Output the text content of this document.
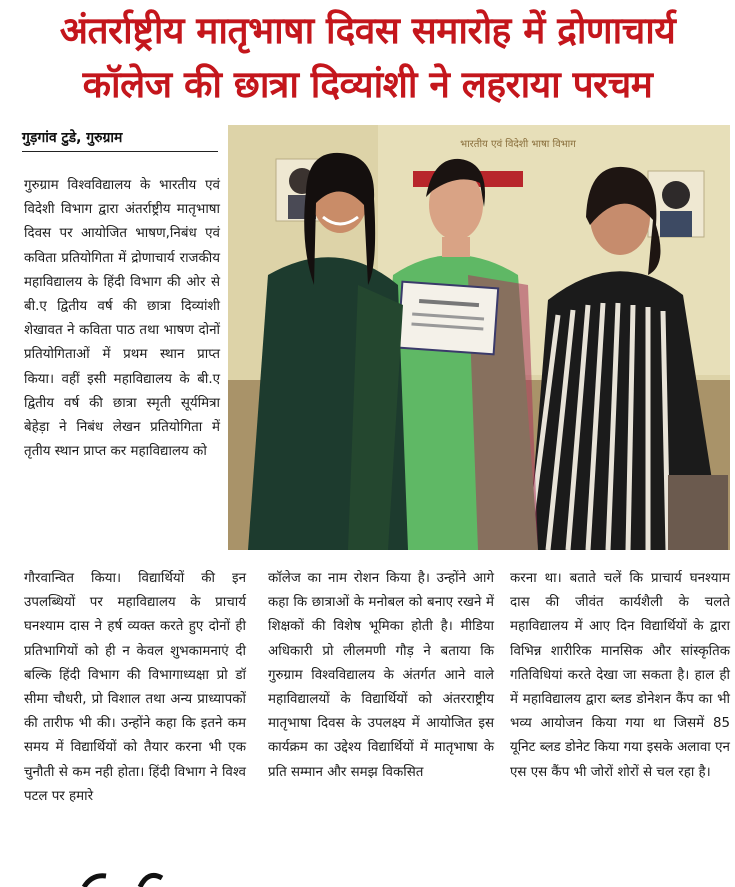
अंतर्राष्ट्रीय मातृभाषा दिवस समारोह में द्रोणाचार्य
कॉलेज की छात्रा दिव्यांशी ने लहराया परचम
गुड़गांव टुडे, गुरुग्राम

गुरुग्राम विश्वविद्यालय के भारतीय एवं विदेशी विभाग द्वारा अंतर्राष्ट्रीय मातृभाषा दिवस पर आयोजित भाषण,निबंध एवं कविता प्रतियोगिता में द्रोणाचार्य राजकीय महाविद्यालय के हिंदी विभाग की ओर से बी.ए द्वितीय वर्ष की छात्रा दिव्यांशी शेखावत ने कविता पाठ तथा भाषण दोनों प्रतियोगिताओं में प्रथम स्थान प्राप्त किया। वहीं इसी महाविद्यालय के बी.ए द्वितीय वर्ष की छात्रा स्मृती सूर्यमित्रा बेहेड़ा ने निबंध लेखन प्रतियोगिता में तृतीय स्थान प्राप्त कर महाविद्यालय को

भारतीय एवं विदेशी भाषा विभाग

गौरवान्वित किया। विद्यार्थियों की इन उपलब्धियों पर महाविद्यालय के प्राचार्य घनश्याम दास ने हर्ष व्यक्त करते हुए दोनों ही प्रतिभागियों को ही न केवल शुभकामनाएं दी बल्कि हिंदी विभाग की विभागाध्यक्षा प्रो डॉ सीमा चौधरी, प्रो विशाल तथा अन्य प्राध्यापकों की तारीफ भी की। उन्होंने कहा कि इतने कम समय में विद्यार्थियों को तैयार करना भी एक चुनौती से कम नही होता। हिंदी विभाग ने विश्व पटल पर हमारे

कॉलेज का नाम रोशन किया है। उन्होंने आगे कहा कि छात्राओं के मनोबल को बनाए रखने में शिक्षकों की विशेष भूमिका होती है। मीडिया अधिकारी प्रो लीलमणी गौड़ ने बताया कि गुरुग्राम विश्वविद्यालय के अंतर्गत आने वाले महाविद्यालयों के विद्यार्थियों को अंतरराष्ट्रीय मातृभाषा दिवस के उपलक्ष्य में आयोजित इस कार्यक्रम का उद्देश्य विद्यार्थियों में मातृभाषा के प्रति सम्मान और समझ विकसित

करना था। बताते चलें कि प्राचार्य घनश्याम दास की जीवंत कार्यशैली के चलते महाविद्यालय में आए दिन विद्यार्थियों के द्वारा विभिन्न शारीरिक मानसिक और सांस्कृतिक गतिविधियां करते देखा जा सकता है। हाल ही में महाविद्यालय द्वारा ब्लड डोनेशन कैंप का भी भव्य आयोजन किया गया था जिसमें 85 यूनिट ब्लड डोनेट किया गया इसके अलावा एन एस एस कैंप भी जोरों शोरों से चल रहा है।
